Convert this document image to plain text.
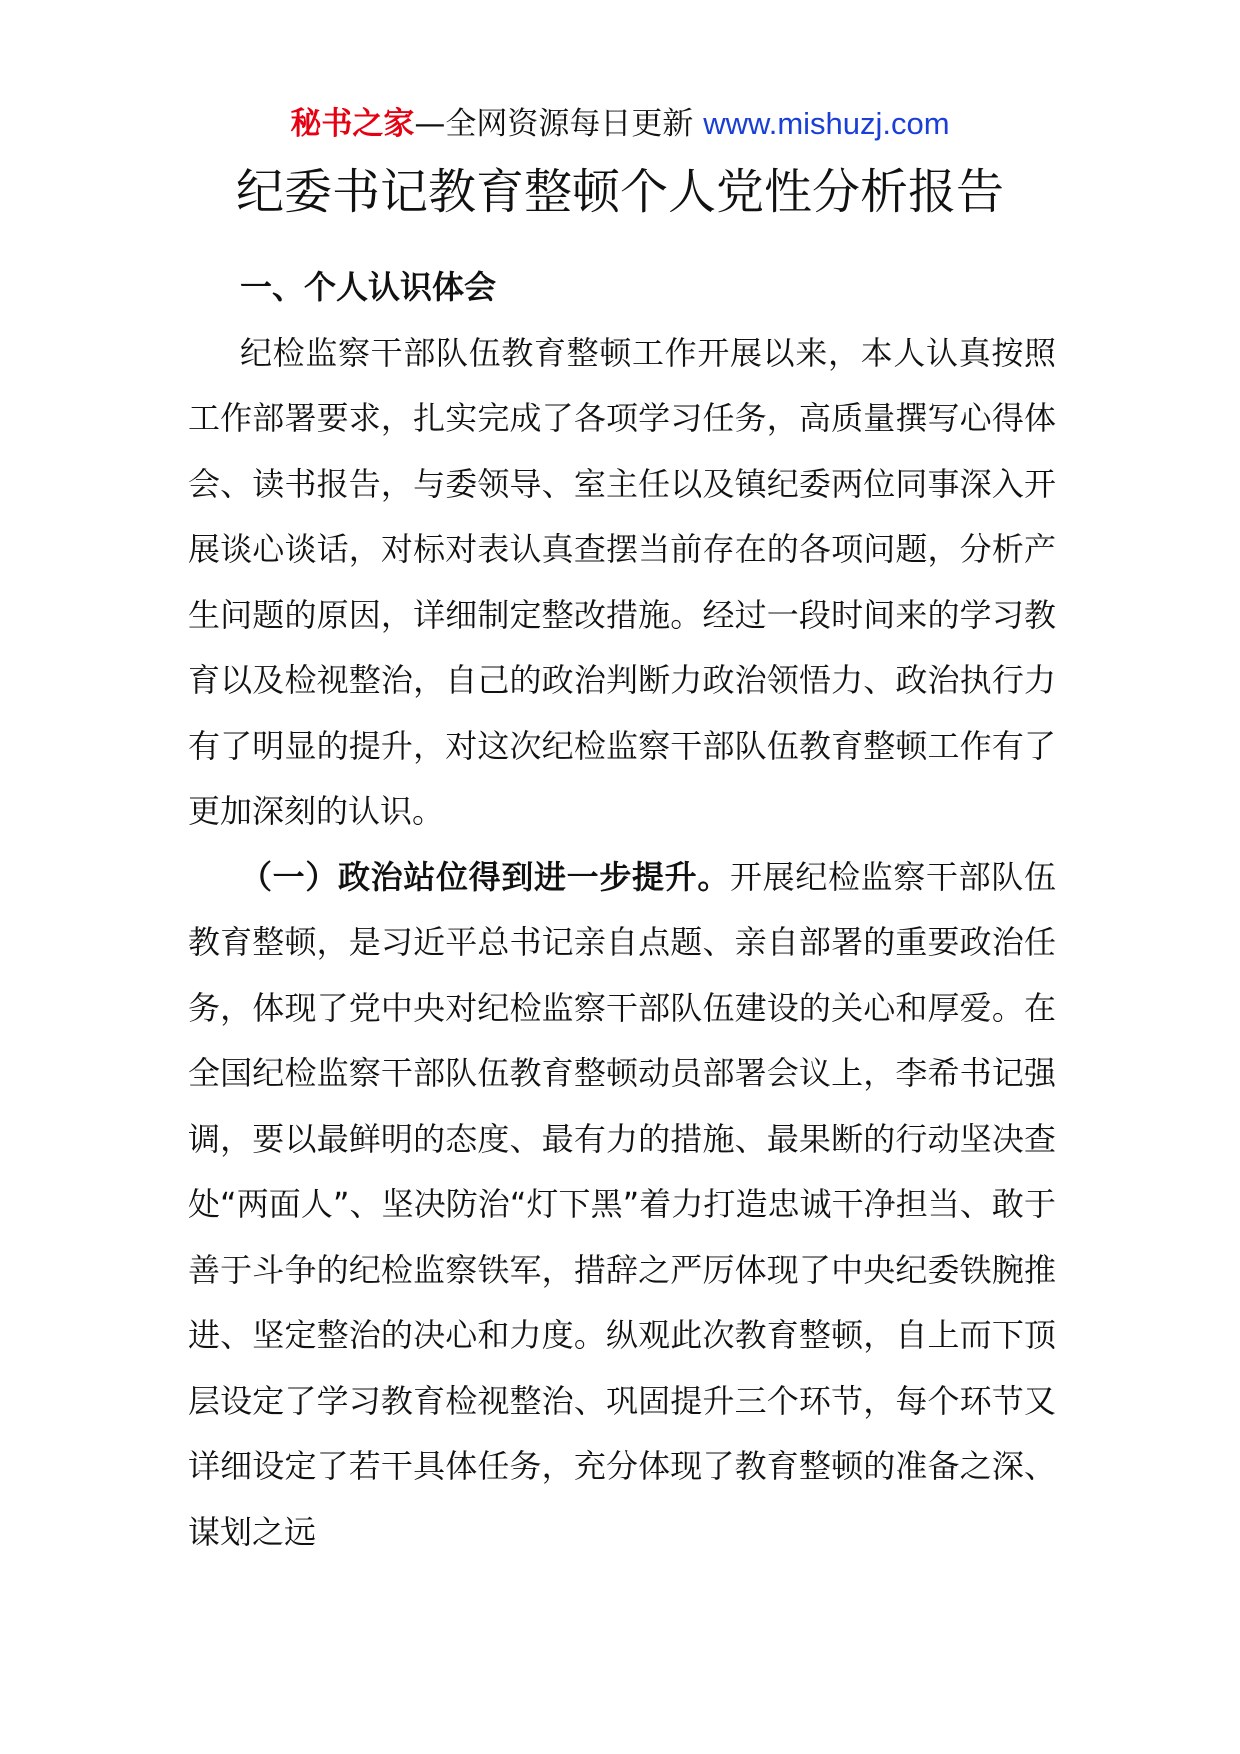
秘书之家—全网资源每日更新 www.mishuzj.com
纪委书记教育整顿个人党性分析报告

一、个人认识体会

纪检监察干部队伍教育整顿工作开展以来，本人认真按照工作部署要求，扎实完成了各项学习任务，高质量撰写心得体会、读书报告，与委领导、室主任以及镇纪委两位同事深入开展谈心谈话，对标对表认真查摆当前存在的各项问题，分析产生问题的原因，详细制定整改措施。经过一段时间来的学习教育以及检视整治，自己的政治判断力政治领悟力、政治执行力有了明显的提升，对这次纪检监察干部队伍教育整顿工作有了更加深刻的认识。

（一）政治站位得到进一步提升。开展纪检监察干部队伍教育整顿，是习近平总书记亲自点题、亲自部署的重要政治任务，体现了党中央对纪检监察干部队伍建设的关心和厚爱。在全国纪检监察干部队伍教育整顿动员部署会议上，李希书记强调，要以最鲜明的态度、最有力的措施、最果断的行动坚决查处“两面人”、坚决防治“灯下黑”着力打造忠诚干净担当、敢于善于斗争的纪检监察铁军，措辞之严厉体现了中央纪委铁腕推进、坚定整治的决心和力度。纵观此次教育整顿，自上而下顶层设定了学习教育检视整治、巩固提升三个环节，每个环节又详细设定了若干具体任务，充分体现了教育整顿的准备之深、谋划之远
